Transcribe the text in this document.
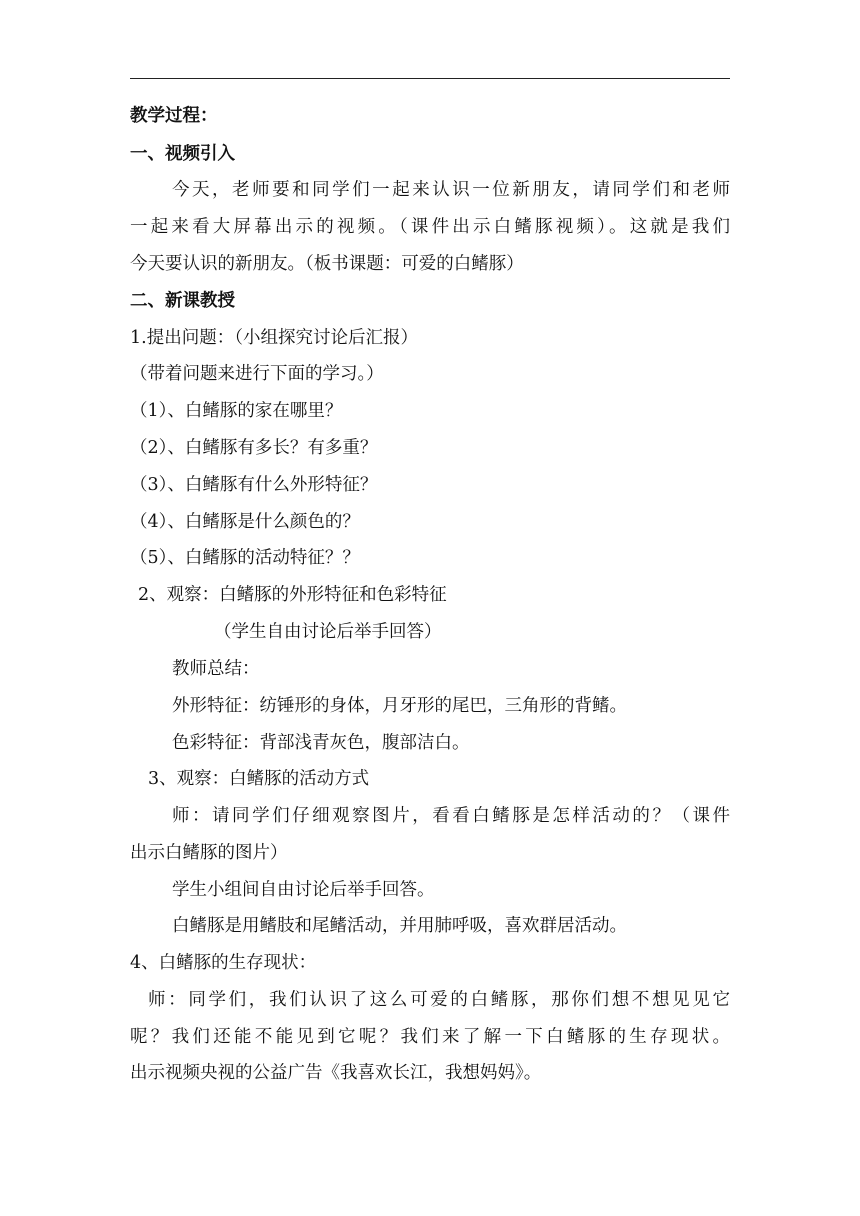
教学过程：
一、视频引入
今天，老师要和同学们一起来认识一位新朋友，请同学们和老师
一起来看大屏幕出示的视频。（课件出示白鳍豚视频）。这就是我们
今天要认识的新朋友。（板书课题：可爱的白鳍豚）
二、新课教授
1.提出问题：（小组探究讨论后汇报）
（带着问题来进行下面的学习。）
（1）、白鳍豚的家在哪里？
（2）、白鳍豚有多长？有多重？
（3）、白鳍豚有什么外形特征？
（4）、白鳍豚是什么颜色的？
（5）、白鳍豚的活动特征？？
2、观察：白鳍豚的外形特征和色彩特征
（学生自由讨论后举手回答）
教师总结：
外形特征：纺锤形的身体，月牙形的尾巴，三角形的背鳍。
色彩特征：背部浅青灰色，腹部洁白。
3、观察：白鳍豚的活动方式
师：请同学们仔细观察图片，看看白鳍豚是怎样活动的？（课件
出示白鳍豚的图片）
学生小组间自由讨论后举手回答。
白鳍豚是用鳍肢和尾鳍活动，并用肺呼吸，喜欢群居活动。
4、白鳍豚的生存现状：
师：同学们，我们认识了这么可爱的白鳍豚，那你们想不想见见它
呢？我们还能不能见到它呢？我们来了解一下白鳍豚的生存现状。
出示视频央视的公益广告《我喜欢长江，我想妈妈》。
